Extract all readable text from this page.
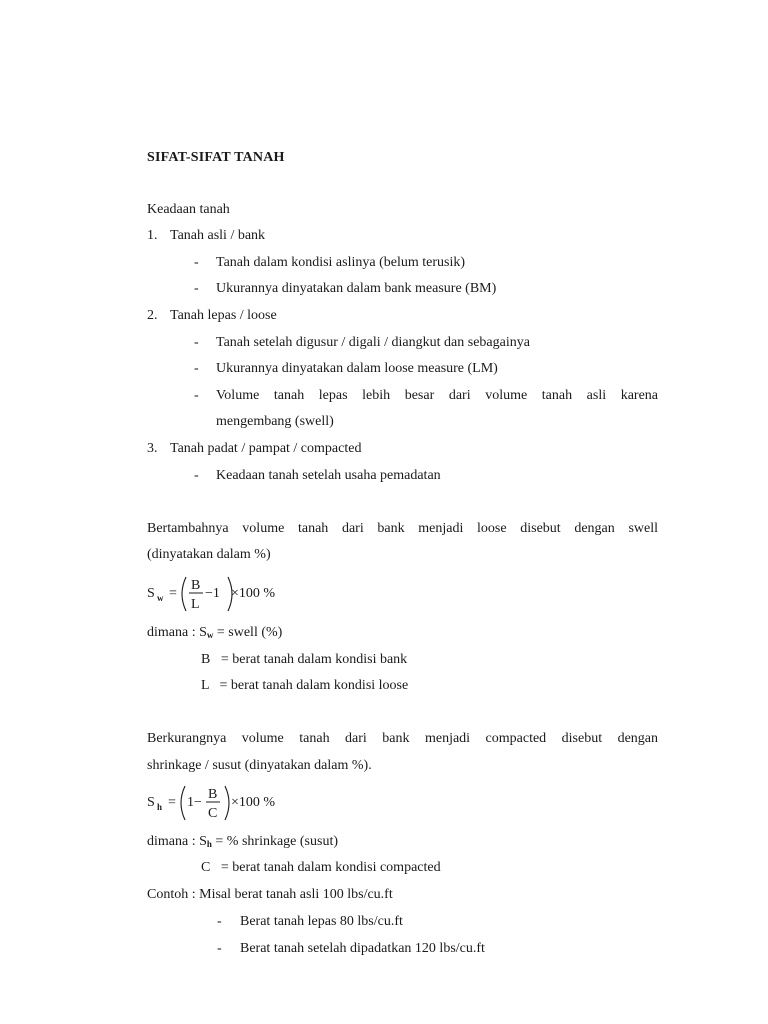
SIFAT-SIFAT TANAH
Keadaan tanah
1. Tanah asli / bank
- Tanah dalam kondisi aslinya (belum terusik)
- Ukurannya dinyatakan dalam bank measure (BM)
2. Tanah lepas / loose
- Tanah setelah digusur / digali / diangkut dan sebagainya
- Ukurannya dinyatakan dalam loose measure (LM)
- Volume tanah lepas lebih besar dari volume tanah asli karena
mengembang (swell)
3. Tanah padat / pampat / compacted
- Keadaan tanah setelah usaha pemadatan
Bertambahnya volume tanah dari bank menjadi loose disebut dengan swell
(dinyatakan dalam %)
S w =
B
L
−1 ×100 %
dimana : $S_w$ = swell (%)
B   = berat tanah dalam kondisi bank
L   = berat tanah dalam kondisi loose
Berkurangnya volume tanah dari bank menjadi compacted disebut dengan
shrinkage / susut (dinyatakan dalam %).
S h = 1−
B
C
×100 %
dimana : $S_h$ = % shrinkage (susut)
C   = berat tanah dalam kondisi compacted
Contoh : Misal berat tanah asli 100 lbs/cu.ft
- Berat tanah lepas 80 lbs/cu.ft
- Berat tanah setelah dipadatkan 120 lbs/cu.ft
